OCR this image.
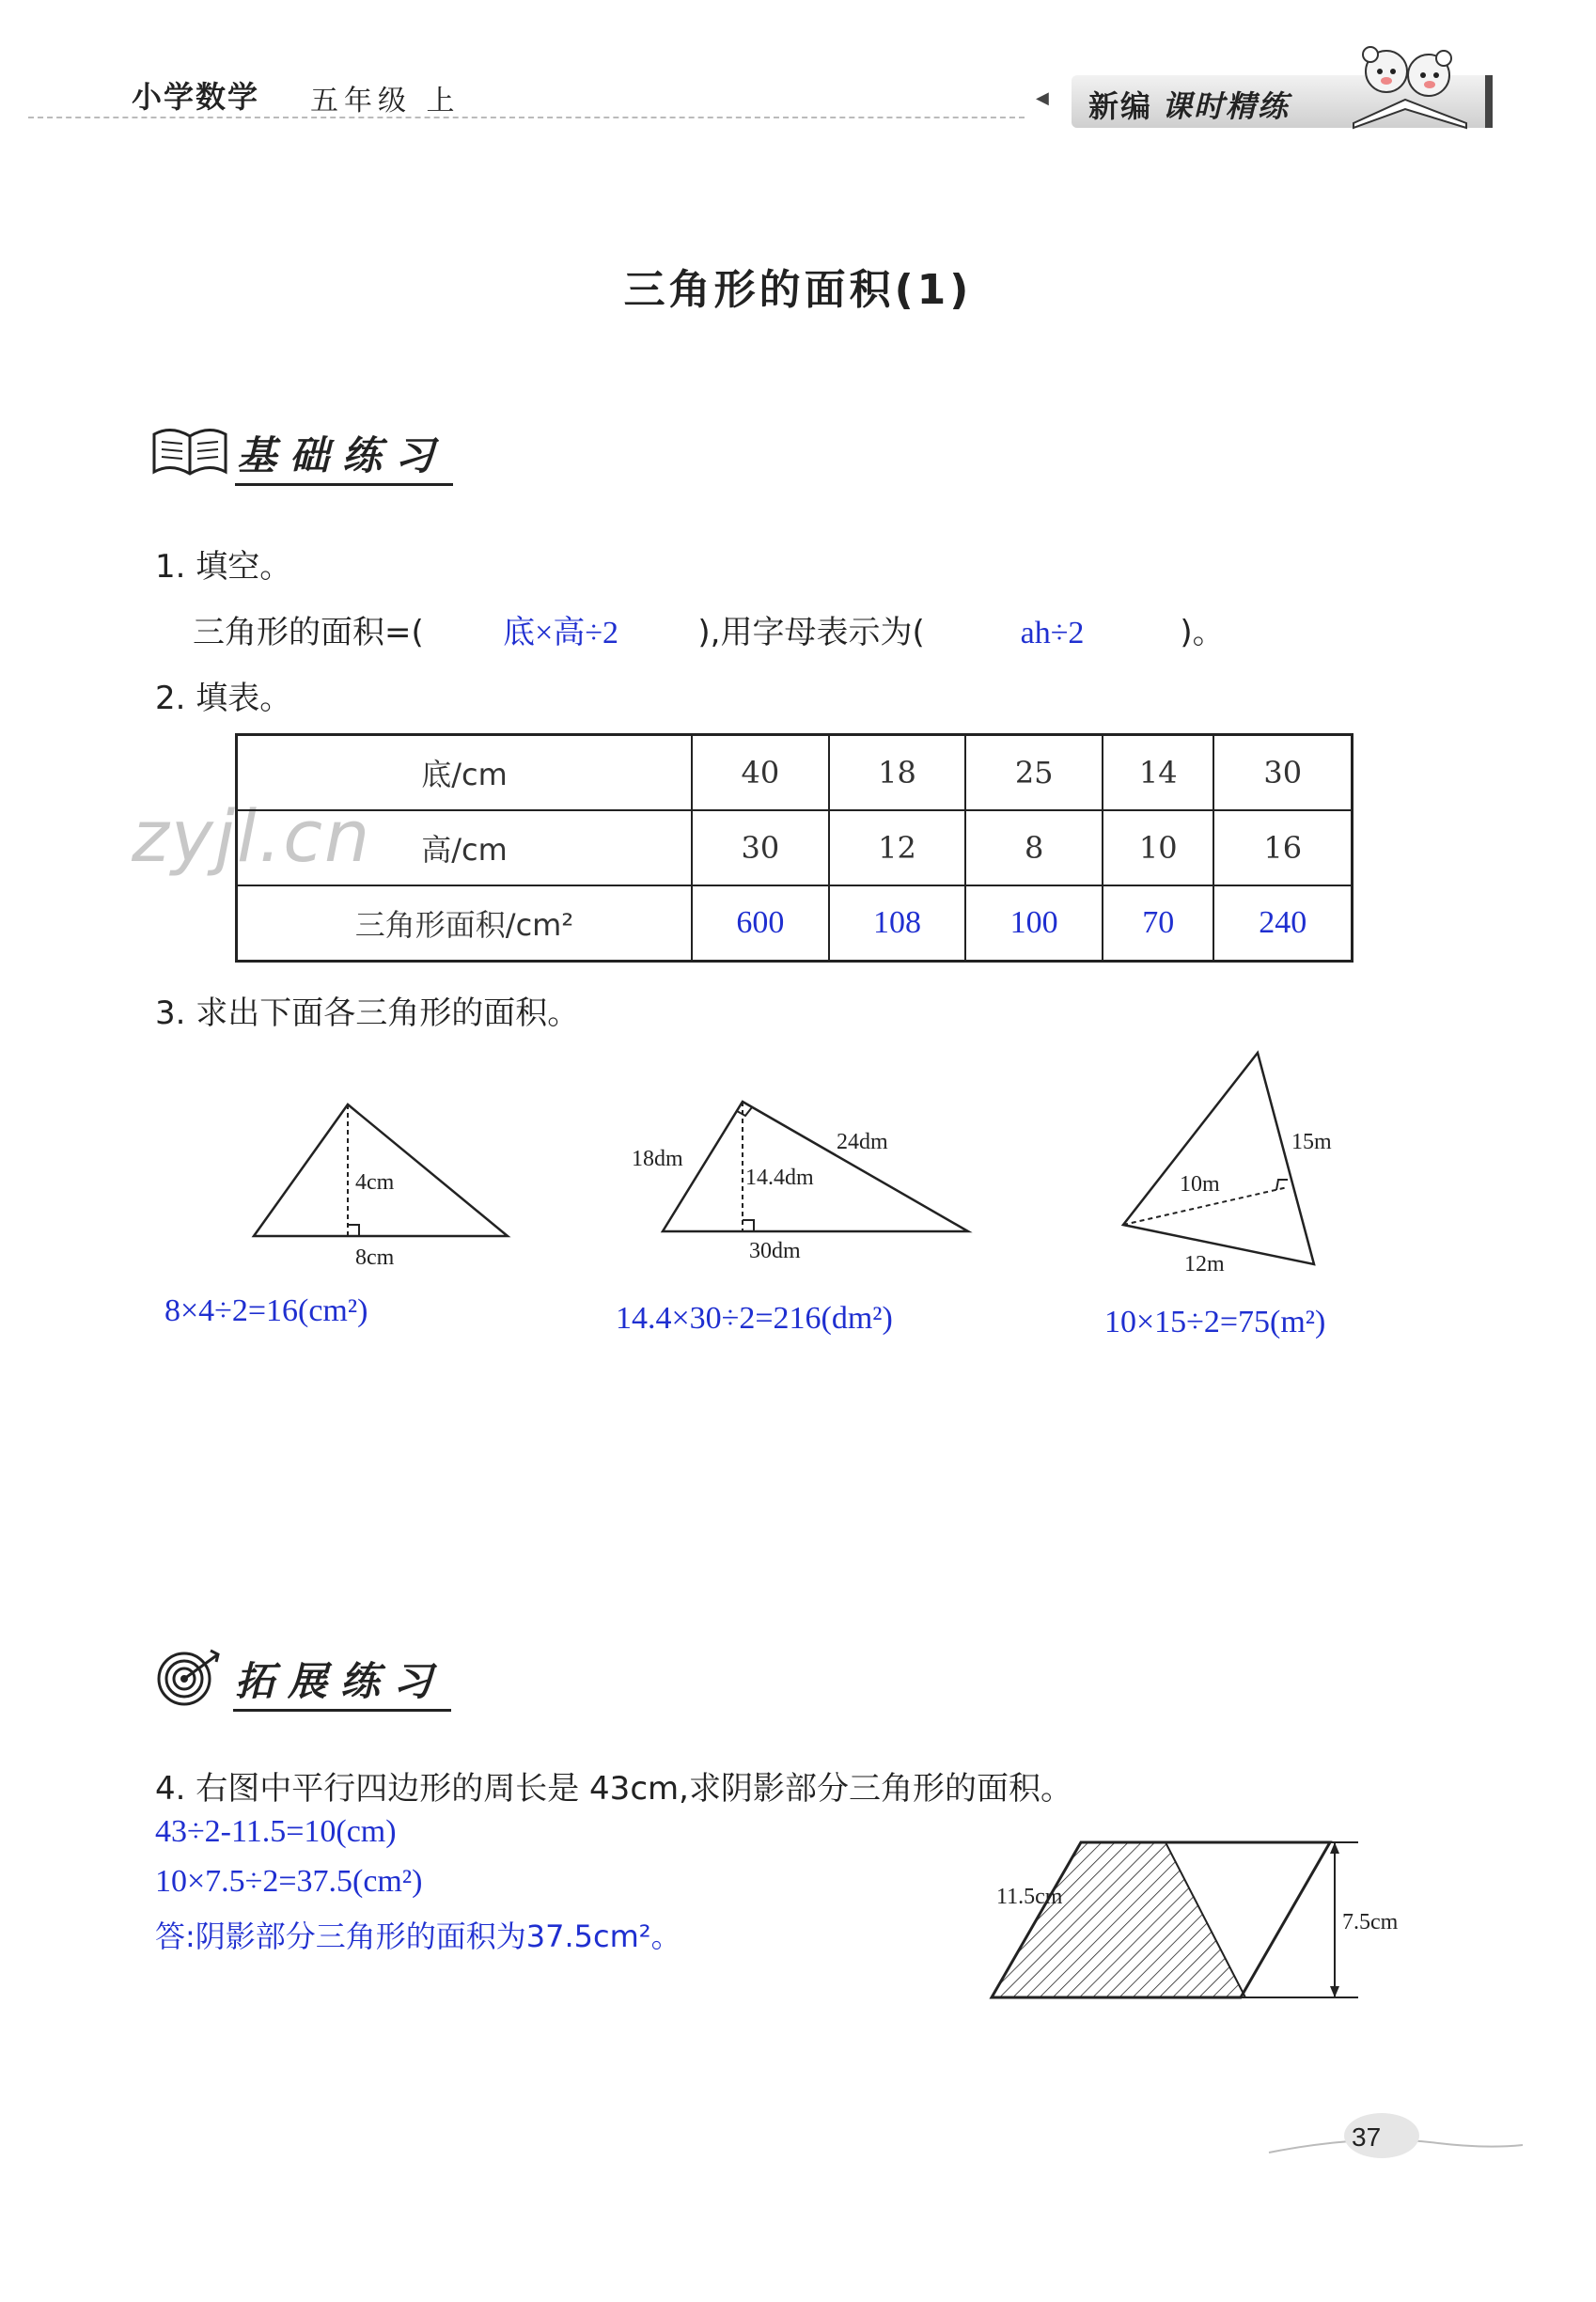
小学数学 五年级 上	◀ 新编 课时精练
三角形的面积(1)
基础练习
1. 填空。
三角形的面积=( 底×高÷2 ),用字母表示为(	ah÷2	)。
2. 填表。
zyjl.cn
底/cm	40	18	25	14	30
高/cm	30	12	8	10	16
三角形面积/cm²	600	108	100	70	240
3. 求出下面各三角形的面积。
4cm
8cm
18dm
24dm
14.4dm
30dm
15m
10m
12m
8×4÷2=16(cm²)	14.4×30÷2=216(dm²)	10×15÷2=75(m²)
拓展练习
4. 右图中平行四边形的周长是 43cm,求阴影部分三角形的面积。
43÷2-11.5=10(cm)
10×7.5÷2=37.5(cm²)
答:阴影部分三角形的面积为37.5cm²。
11.5cm
7.5cm
37
